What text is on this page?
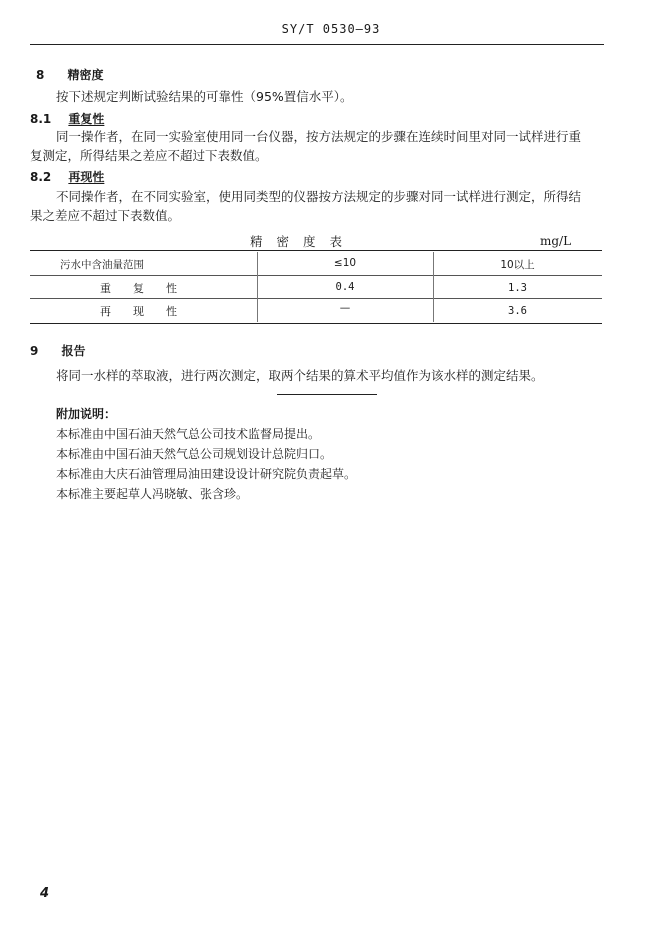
SY/T 0530—93
8 精密度
按下述规定判断试验结果的可靠性（95%置信水平）。
8.1 重复性
同一操作者，在同一实验室使用同一台仪器，按方法规定的步骤在连续时间里对同一试样进行重
复测定，所得结果之差应不超过下表数值。
8.2 再现性
不同操作者，在不同实验室，使用同类型的仪器按方法规定的步骤对同一试样进行测定，所得结
果之差应不超过下表数值。
精密度表	mg/L
污水中含油量范围	≤10	10以上
重复性	0.4	1.3
再现性	—	3.6
9 报告
将同一水样的萃取液，进行两次测定，取两个结果的算术平均值作为该水样的测定结果。
附加说明：
本标准由中国石油天然气总公司技术监督局提出。
本标准由中国石油天然气总公司规划设计总院归口。
本标准由大庆石油管理局油田建设设计研究院负责起草。
本标准主要起草人冯晓敏、张含珍。
4
